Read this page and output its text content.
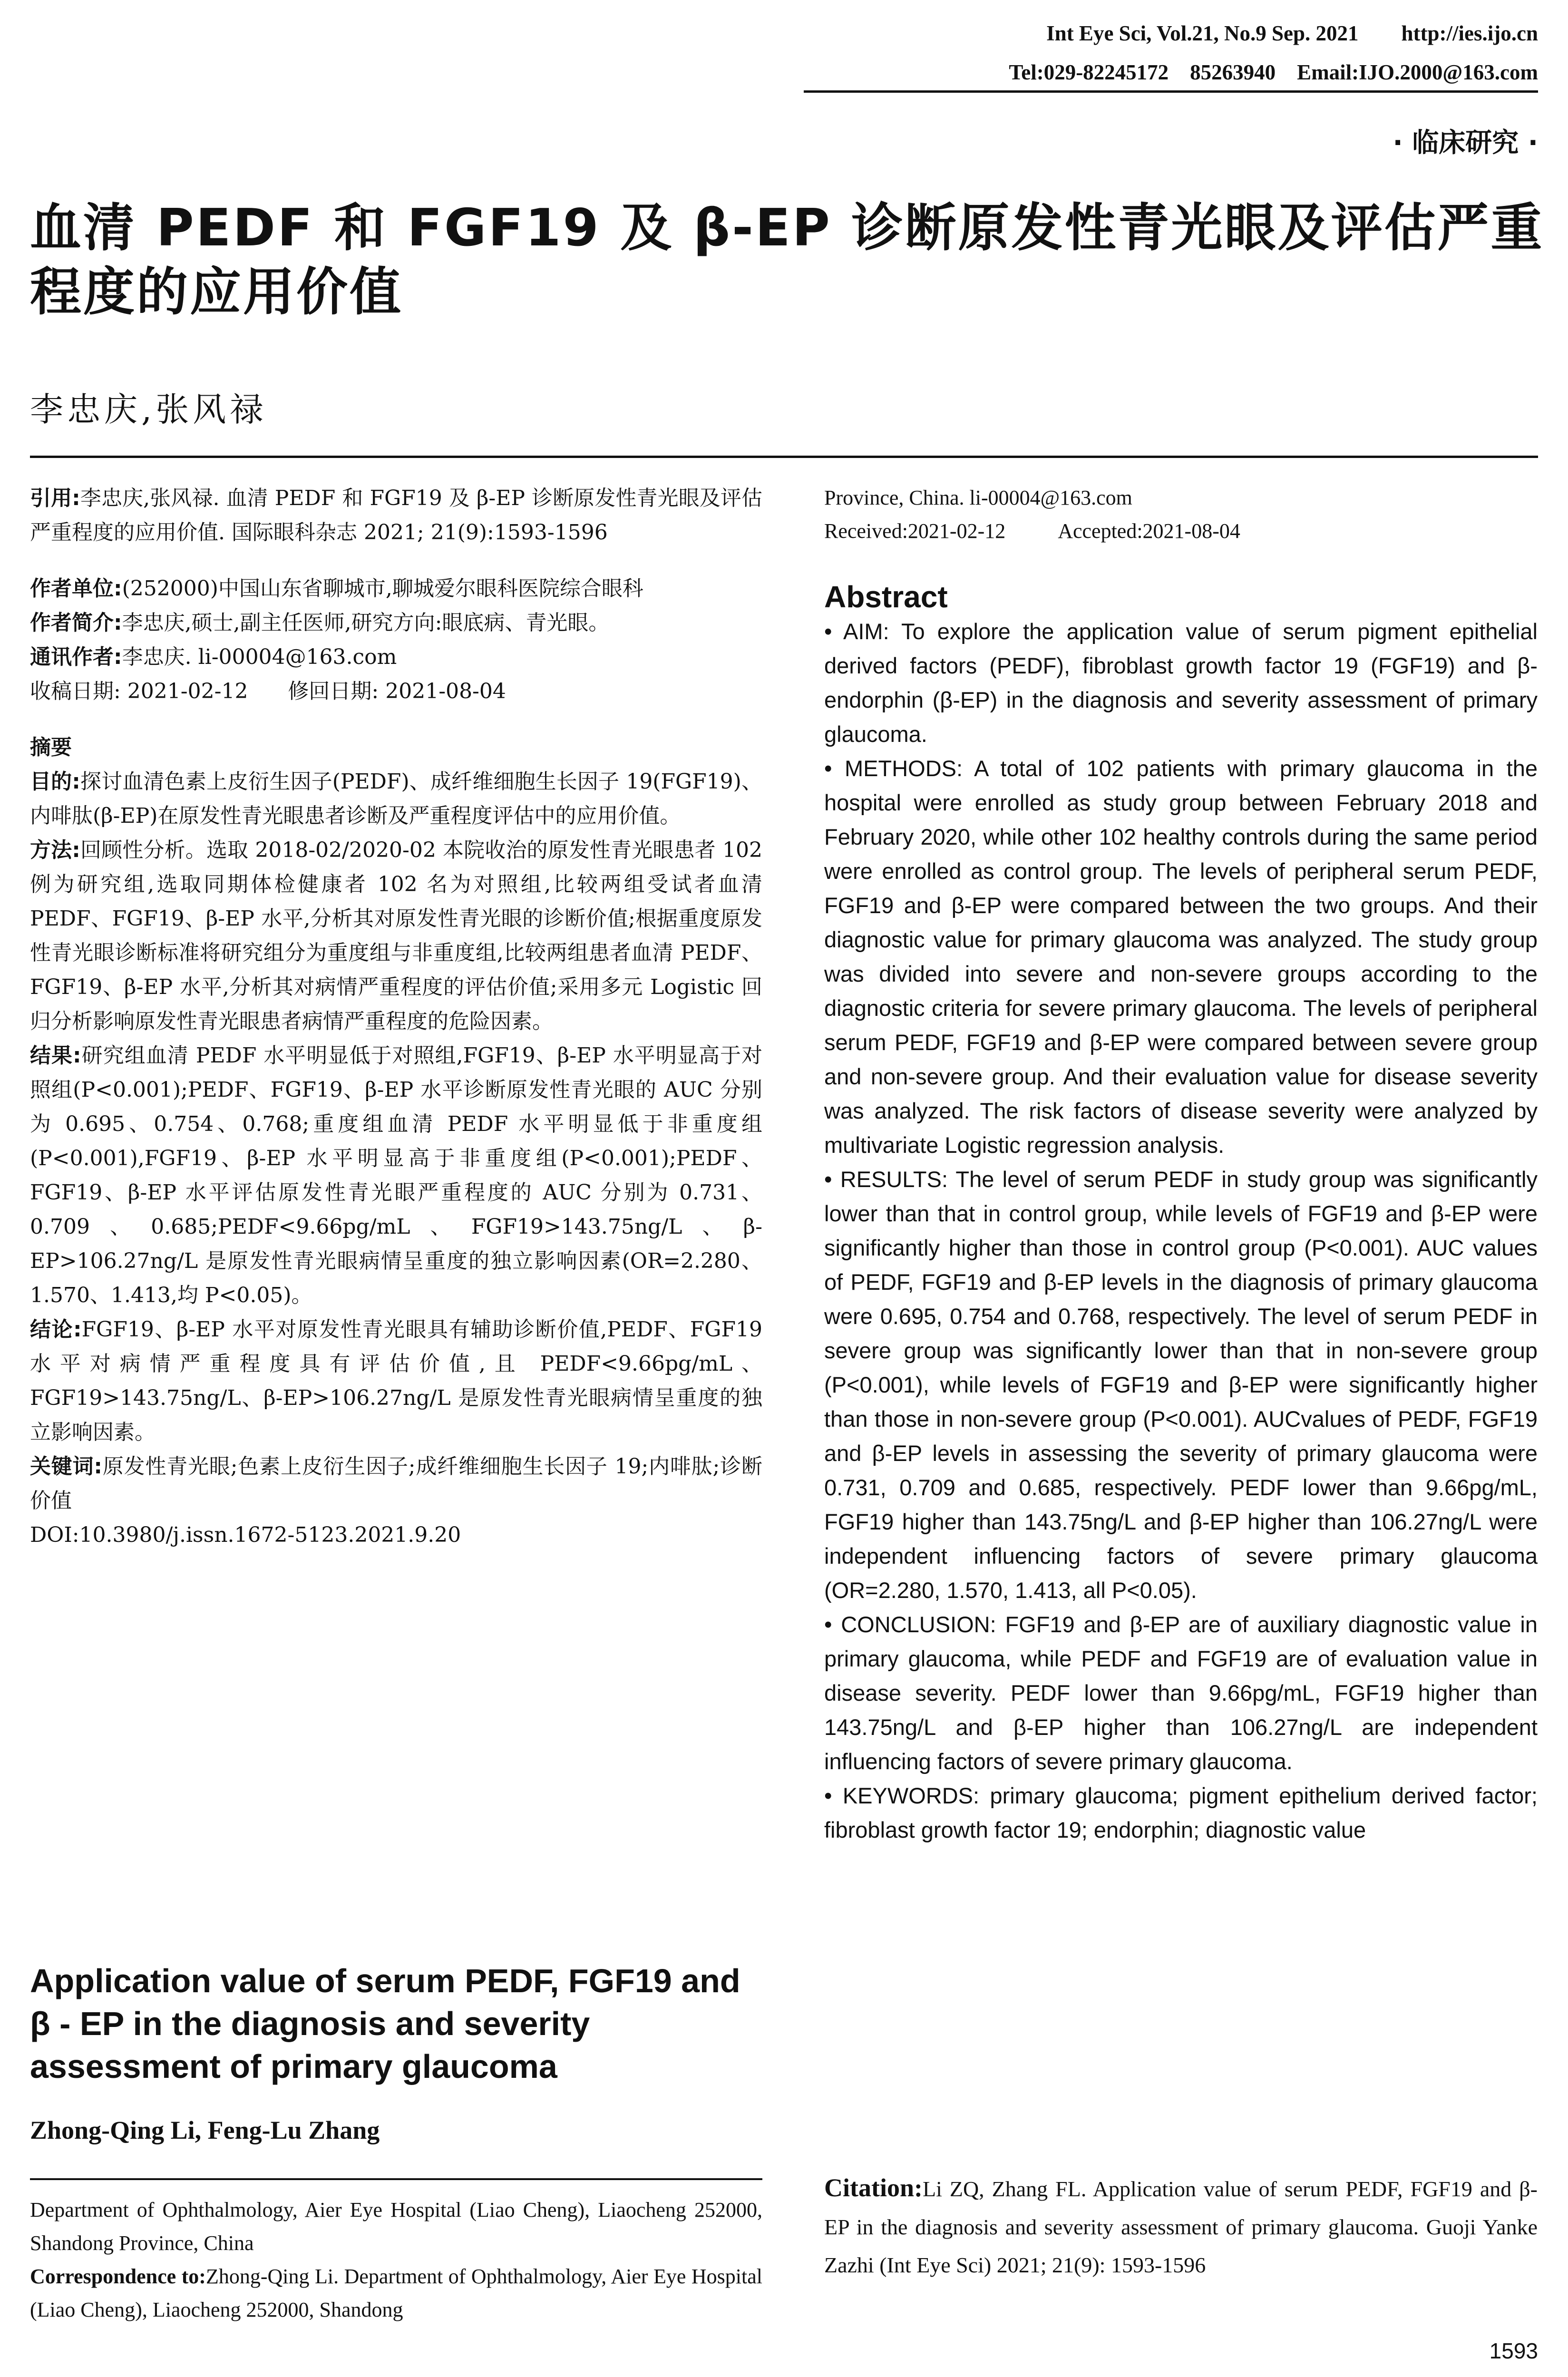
Int Eye Sci, Vol.21, No.9 Sep. 2021        http://ies.ijo.cn
Tel:029-82245172    85263940    Email:IJO.2000@163.com
· 临床研究 ·
血清 PEDF 和 FGF19 及 β-EP 诊断原发性青光眼及评估严重程度的应用价值
李忠庆,张风禄

引用:李忠庆,张风禄. 血清 PEDF 和 FGF19 及 β-EP 诊断原发性青光眼及评估严重程度的应用价值. 国际眼科杂志 2021; 21(9):1593-1596

作者单位:(252000)中国山东省聊城市,聊城爱尔眼科医院综合眼科

作者简介:李忠庆,硕士,副主任医师,研究方向:眼底病、青光眼。

通讯作者:李忠庆. li-00004@163.com

收稿日期: 2021-02-12      修回日期: 2021-08-04

摘要

目的:探讨血清色素上皮衍生因子(PEDF)、成纤维细胞生长因子 19(FGF19)、内啡肽(β-EP)在原发性青光眼患者诊断及严重程度评估中的应用价值。

方法:回顾性分析。选取 2018-02/2020-02 本院收治的原发性青光眼患者 102 例为研究组,选取同期体检健康者 102 名为对照组,比较两组受试者血清 PEDF、FGF19、β-EP 水平,分析其对原发性青光眼的诊断价值;根据重度原发性青光眼诊断标准将研究组分为重度组与非重度组,比较两组患者血清 PEDF、FGF19、β-EP 水平,分析其对病情严重程度的评估价值;采用多元 Logistic 回归分析影响原发性青光眼患者病情严重程度的危险因素。

结果:研究组血清 PEDF 水平明显低于对照组,FGF19、β-EP 水平明显高于对照组(P<0.001);PEDF、FGF19、β-EP 水平诊断原发性青光眼的 AUC 分别为 0.695、0.754、0.768;重度组血清 PEDF 水平明显低于非重度组(P<0.001),FGF19、β-EP 水平明显高于非重度组(P<0.001);PEDF、FGF19、β-EP 水平评估原发性青光眼严重程度的 AUC 分别为 0.731、0.709、0.685;PEDF<9.66pg/mL、FGF19>143.75ng/L、β-EP>106.27ng/L 是原发性青光眼病情呈重度的独立影响因素(OR=2.280、1.570、1.413,均 P<0.05)。

结论:FGF19、β-EP 水平对原发性青光眼具有辅助诊断价值,PEDF、FGF19 水平对病情严重程度具有评估价值,且 PEDF<9.66pg/mL、FGF19>143.75ng/L、β-EP>106.27ng/L 是原发性青光眼病情呈重度的独立影响因素。

关键词:原发性青光眼;色素上皮衍生因子;成纤维细胞生长因子 19;内啡肽;诊断价值

DOI:10.3980/j.issn.1672-5123.2021.9.20

Application value of serum PEDF, FGF19 and β - EP in the diagnosis and severity assessment of primary glaucoma

Zhong-Qing Li, Feng-Lu Zhang

Department of Ophthalmology, Aier Eye Hospital (Liao Cheng), Liaocheng 252000, Shandong Province, China

Correspondence to:Zhong-Qing Li. Department of Ophthalmology, Aier Eye Hospital (Liao Cheng), Liaocheng 252000, Shandong

Province, China. li-00004@163.com

Received:2021-02-12	Accepted:2021-08-04

Abstract

• AIM: To explore the application value of serum pigment epithelial derived factors (PEDF), fibroblast growth factor 19 (FGF19) and β-endorphin (β-EP) in the diagnosis and severity assessment of primary glaucoma.

• METHODS: A total of 102 patients with primary glaucoma in the hospital were enrolled as study group between February 2018 and February 2020, while other 102 healthy controls during the same period were enrolled as control group. The levels of peripheral serum PEDF, FGF19 and β-EP were compared between the two groups. And their diagnostic value for primary glaucoma was analyzed. The study group was divided into severe and non-severe groups according to the diagnostic criteria for severe primary glaucoma. The levels of peripheral serum PEDF, FGF19 and β-EP were compared between severe group and non-severe group. And their evaluation value for disease severity was analyzed. The risk factors of disease severity were analyzed by multivariate Logistic regression analysis.

• RESULTS: The level of serum PEDF in study group was significantly lower than that in control group, while levels of FGF19 and β-EP were significantly higher than those in control group (P<0.001). AUC values of PEDF, FGF19 and β-EP levels in the diagnosis of primary glaucoma were 0.695, 0.754 and 0.768, respectively. The level of serum PEDF in severe group was significantly lower than that in non-severe group (P<0.001), while levels of FGF19 and β-EP were significantly higher than those in non-severe group (P<0.001). AUCvalues of PEDF, FGF19 and β-EP levels in assessing the severity of primary glaucoma were 0.731, 0.709 and 0.685, respectively. PEDF lower than 9.66pg/mL, FGF19 higher than 143.75ng/L and β-EP higher than 106.27ng/L were independent influencing factors of severe primary glaucoma (OR=2.280, 1.570, 1.413, all P<0.05).

• CONCLUSION: FGF19 and β-EP are of auxiliary diagnostic value in primary glaucoma, while PEDF and FGF19 are of evaluation value in disease severity. PEDF lower than 9.66pg/mL, FGF19 higher than 143.75ng/L and β-EP higher than 106.27ng/L are independent influencing factors of severe primary glaucoma.

• KEYWORDS: primary glaucoma; pigment epithelium derived factor; fibroblast growth factor 19; endorphin; diagnostic value

Citation:Li ZQ, Zhang FL. Application value of serum PEDF, FGF19 and β-EP in the diagnosis and severity assessment of primary glaucoma. Guoji Yanke Zazhi (Int Eye Sci) 2021; 21(9): 1593-1596

1593
